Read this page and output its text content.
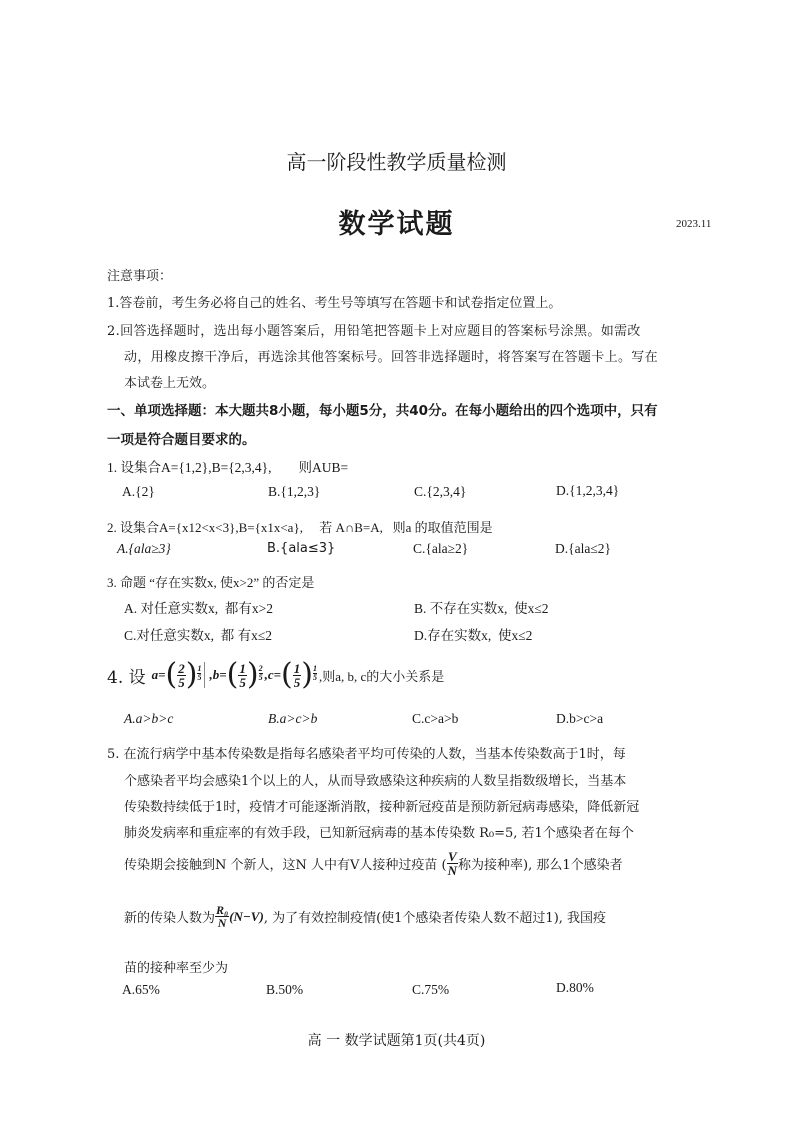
高一阶段性教学质量检测
数学试题	2023.11
注意事项：
1.答卷前，考生务必将自己的姓名、考生号等填写在答题卡和试卷指定位置上。
2.回答选择题时，选出每小题答案后，用铅笔把答题卡上对应题目的答案标号涂黑。如需改
动，用橡皮擦干净后，再选涂其他答案标号。回答非选择题时，将答案写在答题卡上。写在
本试卷上无效。
一、单项选择题：本大题共8小题，每小题5分，共40分。在每小题给出的四个选项中，只有
一项是符合题目要求的。
1. 设集合A={1,2},B={2,3,4},        则AUB=
A.{2}	B.{1,2,3}	C.{2,3,4}	D.{1,2,3,4}
2. 设集合A={x12<x<3},B={x1x<a},     若 A∩B=A,   则a 的取值范围是
A.{ala≥3}	B.{ala≤3}	C.{ala≥2}	D.{ala≤2}
3. 命题 “存在实数x, 使x>2” 的否定是
A. 对任意实数x,  都有x>2	B. 不存在实数x,  使x≤2
C.对任意实数x,  都 有x≤2	D.存在实数x,  使x≤2
4. 设 a= ( $\frac{2}{5}$ ) 1
5 ,b= ( $\frac{1}{5}$ ) 2
5 ,c= ( $\frac{1}{5}$ ) 1
5 ,则a, b, c的大小关系是
A.a>b>c	B.a>c>b	C.c>a>b	D.b>c>a
5. 在流行病学中基本传染数是指每名感染者平均可传染的人数，当基本传染数高于1时，每
个感染者平均会感染1个以上的人，从而导致感染这种疾病的人数呈指数级增长，当基本
传染数持续低于1时，疫情才可能逐渐消散，接种新冠疫苗是预防新冠病毒感染，降低新冠
肺炎发病率和重症率的有效手段，已知新冠病毒的基本传染数 R₀=5, 若1个感染者在每个
传染期会接触到N 个新人，这N 人中有V人接种过疫苗 ( $\frac{V}{N}$ 称为接种率), 那么1个感染者
新的传染人数为 $\frac{\text{R₀}}{N} (N-V)$ , 为了有效控制疫情(使1个感染者传染人数不超过1), 我国疫
苗的接种率至少为
A.65%	B.50%	C.75%	D.80%
高 一 数学试题第1页(共4页)
